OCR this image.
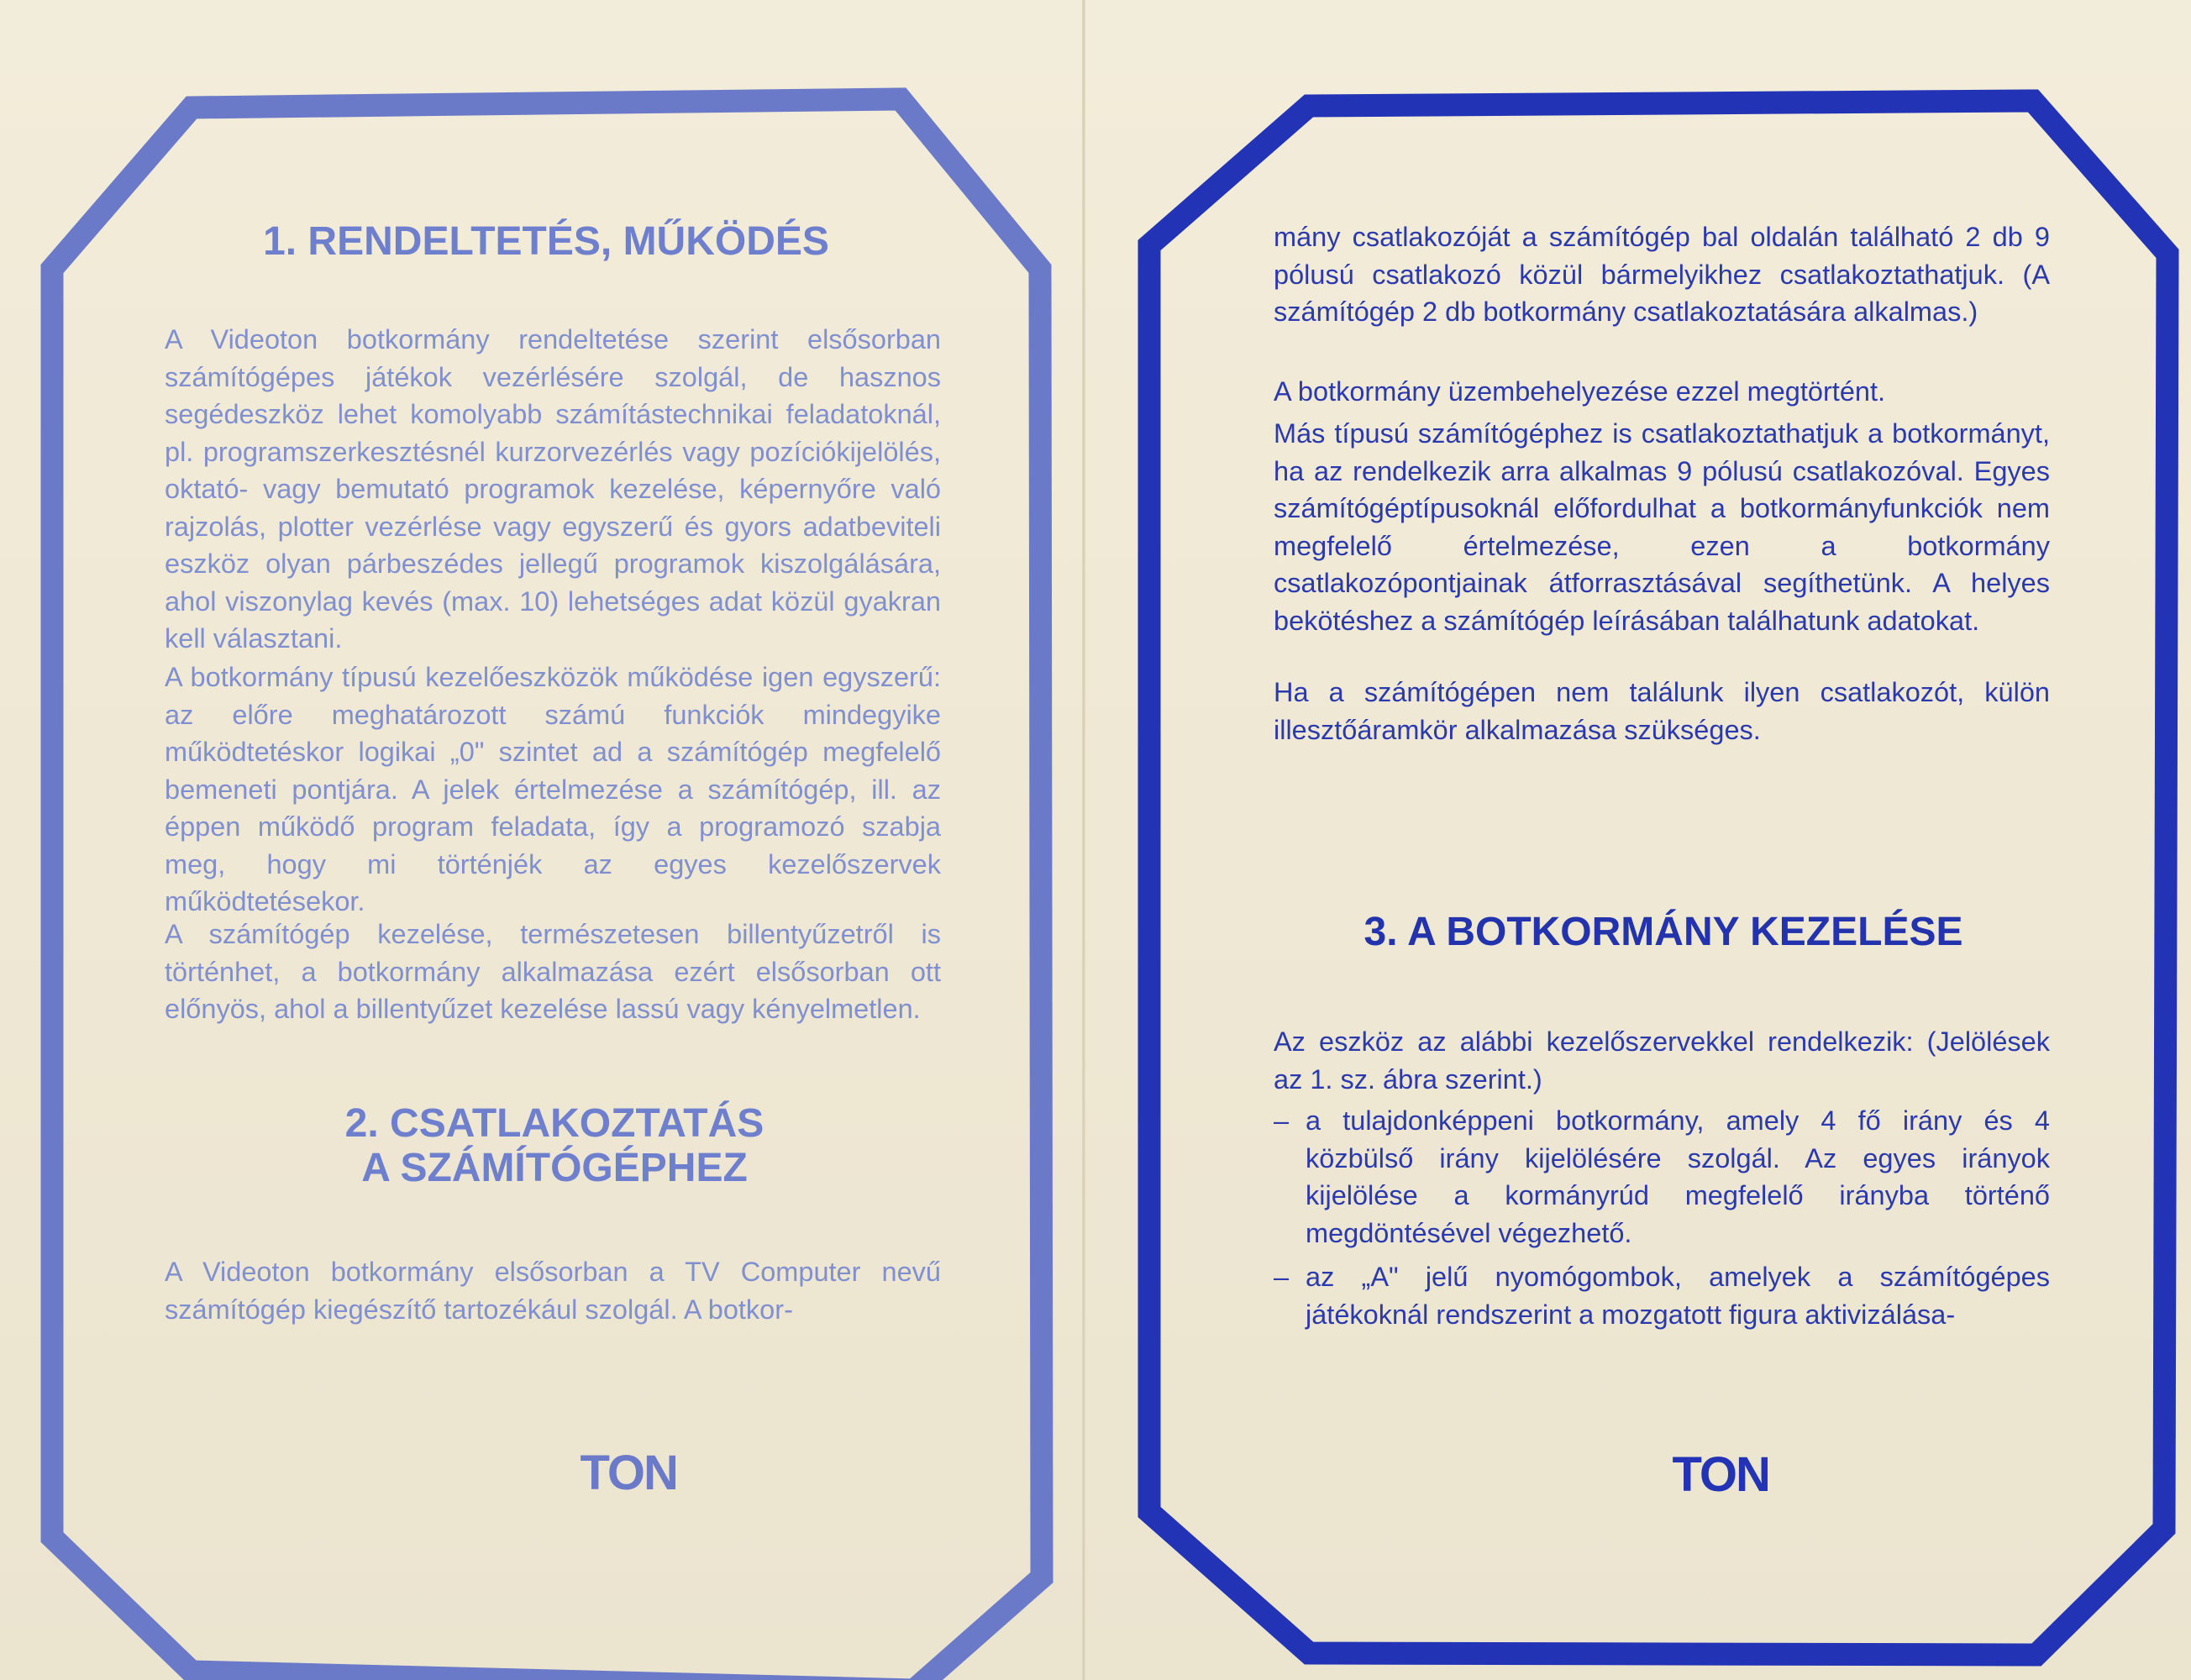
1. RENDELTETÉS, MŰKÖDÉS

A Videoton botkormány rendeltetése szerint elsősorban számítógépes játékok vezérlésére szolgál, de hasznos segédeszköz lehet komolyabb számítástechnikai feladatoknál, pl. programszerkesztésnél kurzorvezérlés vagy pozíciókijelölés, oktató- vagy bemutató programok kezelése, képernyőre való rajzolás, plotter vezérlése vagy egyszerű és gyors adatbeviteli eszköz olyan párbeszédes jellegű programok kiszolgálására, ahol viszonylag kevés (max. 10) lehetséges adat közül gyakran kell választani.

A botkormány típusú kezelőeszközök működése igen egyszerű: az előre meghatározott számú funkciók mindegyike működtetéskor logikai „0" szintet ad a számítógép megfelelő bemeneti pontjára. A jelek értelmezése a számítógép, ill. az éppen működő program feladata, így a programozó szabja meg, hogy mi történjék az egyes kezelőszervek működtetésekor.

A számítógép kezelése, természetesen billentyűzetről is történhet, a botkormány alkalmazása ezért elsősorban ott előnyös, ahol a billentyűzet kezelése lassú vagy kényelmetlen.

2. CSATLAKOZTATÁS
A SZÁMÍTÓGÉPHEZ

A Videoton botkormány elsősorban a TV Computer nevű számítógép kiegészítő tartozékául szolgál. A botkor-

VIDEOTON

mány csatlakozóját a számítógép bal oldalán található 2 db 9 pólusú csatlakozó közül bármelyikhez csatlakoztathatjuk. (A számítógép 2 db botkormány csatlakoztatására alkalmas.)

A botkormány üzembehelyezése ezzel megtörtént.

Más típusú számítógéphez is csatlakoztathatjuk a botkormányt, ha az rendelkezik arra alkalmas 9 pólusú csatlakozóval. Egyes számítógéptípusoknál előfordulhat a botkormányfunkciók nem megfelelő értelmezése, ezen a botkormány csatlakozópontjainak átforrasztásával segíthetünk. A helyes bekötéshez a számítógép leírásában találhatunk adatokat.

Ha a számítógépen nem találunk ilyen csatlakozót, külön illesztőáramkör alkalmazása szükséges.

3. A BOTKORMÁNY KEZELÉSE

Az eszköz az alábbi kezelőszervekkel rendelkezik: (Jelölések az 1. sz. ábra szerint.)

– a tulajdonképpeni botkormány, amely 4 fő irány és 4 közbülső irány kijelölésére szolgál. Az egyes irányok kijelölése a kormányrúd megfelelő irányba történő megdöntésével végezhető.
– az „A" jelű nyomógombok, amelyek a számítógépes játékoknál rendszerint a mozgatott figura aktivizálása-
VIDEOTON
